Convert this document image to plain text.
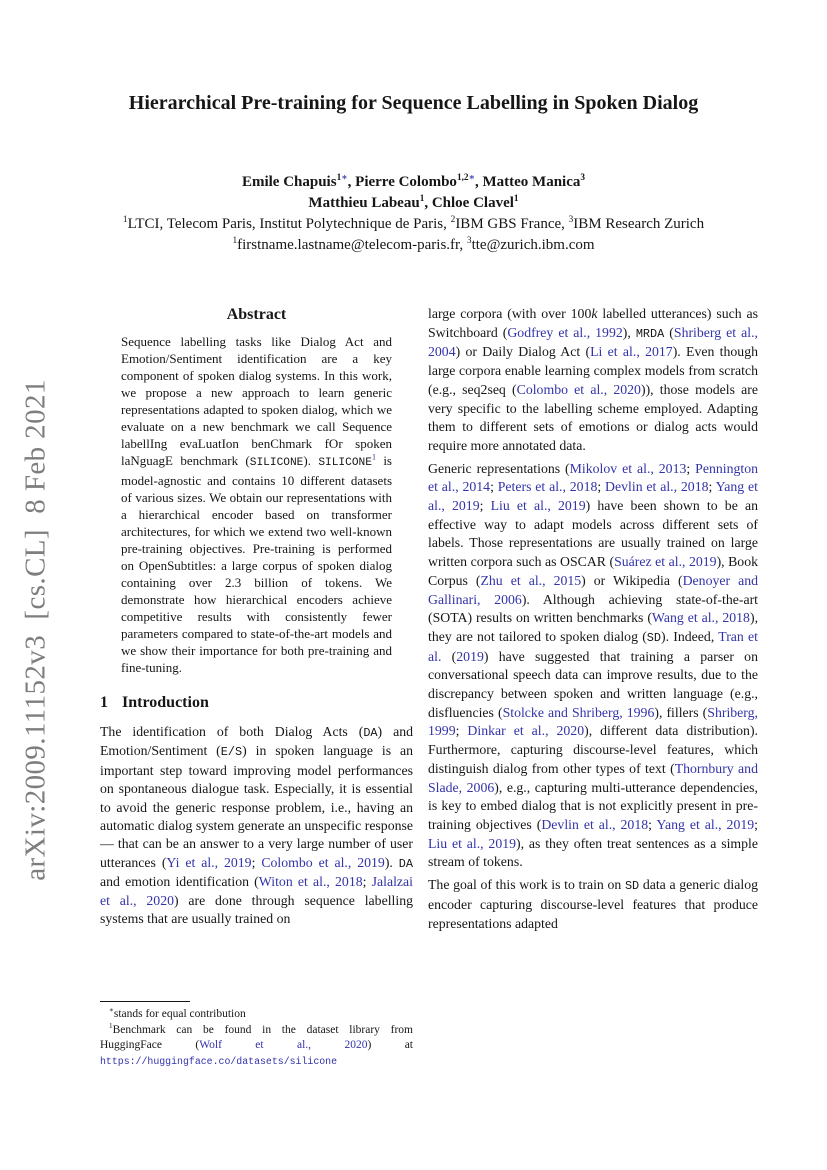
arXiv:2009.11152v3  [cs.CL]  8 Feb 2021
Hierarchical Pre-training for Sequence Labelling in Spoken Dialog
Emile Chapuis$^{1∗}$, Pierre Colombo$^{1,2∗}$, Matteo Manica$^3$
Matthieu Labeau$^1$, Chloe Clavel$^1$
$^1$LTCI, Telecom Paris, Institut Polytechnique de Paris, $^2$IBM GBS France, $^3$IBM Research Zurich
$^1$firstname.lastname@telecom-paris.fr, $^3$tte@zurich.ibm.com
Abstract
Sequence labelling tasks like Dialog Act and Emotion/Sentiment identification are a key component of spoken dialog systems. In this work, we propose a new approach to learn generic representations adapted to spoken dialog, which we evaluate on a new benchmark we call Sequence labellIng evaLuatIon benChmark fOr spoken laNguagE benchmark (SILICONE). SILICONE$^1$ is model-agnostic and contains 10 different datasets of various sizes. We obtain our representations with a hierarchical encoder based on transformer architectures, for which we extend two well-known pre-training objectives. Pre-training is performed on OpenSubtitles: a large corpus of spoken dialog containing over 2.3 billion of tokens. We demonstrate how hierarchical encoders achieve competitive results with consistently fewer parameters compared to state-of-the-art models and we show their importance for both pre-training and fine-tuning.
1 Introduction
The identification of both Dialog Acts (DA) and Emotion/Sentiment (E/S) in spoken language is an important step toward improving model performances on spontaneous dialogue task. Especially, it is essential to avoid the generic response problem, i.e., having an automatic dialog system generate an unspecific response — that can be an answer to a very large number of user utterances (Yi et al., 2019; Colombo et al., 2019). DA and emotion identification (Witon et al., 2018; Jalalzai et al., 2020) are done through sequence labelling systems that are usually trained on
large corpora (with over 100k labelled utterances) such as Switchboard (Godfrey et al., 1992), MRDA (Shriberg et al., 2004) or Daily Dialog Act (Li et al., 2017). Even though large corpora enable learning complex models from scratch (e.g., seq2seq (Colombo et al., 2020)), those models are very specific to the labelling scheme employed. Adapting them to different sets of emotions or dialog acts would require more annotated data.
Generic representations (Mikolov et al., 2013; Pennington et al., 2014; Peters et al., 2018; Devlin et al., 2018; Yang et al., 2019; Liu et al., 2019) have been shown to be an effective way to adapt models across different sets of labels. Those representations are usually trained on large written corpora such as OSCAR (Suárez et al., 2019), Book Corpus (Zhu et al., 2015) or Wikipedia (Denoyer and Gallinari, 2006). Although achieving state-of-the-art (SOTA) results on written benchmarks (Wang et al., 2018), they are not tailored to spoken dialog (SD). Indeed, Tran et al. (2019) have suggested that training a parser on conversational speech data can improve results, due to the discrepancy between spoken and written language (e.g., disfluencies (Stolcke and Shriberg, 1996), fillers (Shriberg, 1999; Dinkar et al., 2020), different data distribution). Furthermore, capturing discourse-level features, which distinguish dialog from other types of text (Thornbury and Slade, 2006), e.g., capturing multi-utterance dependencies, is key to embed dialog that is not explicitly present in pre-training objectives (Devlin et al., 2018; Yang et al., 2019; Liu et al., 2019), as they often treat sentences as a simple stream of tokens.
The goal of this work is to train on SD data a generic dialog encoder capturing discourse-level features that produce representations adapted
∗stands for equal contribution
$^1$Benchmark can be found in the dataset library from HuggingFace (Wolf et al., 2020) at https://huggingface.co/datasets/silicone
